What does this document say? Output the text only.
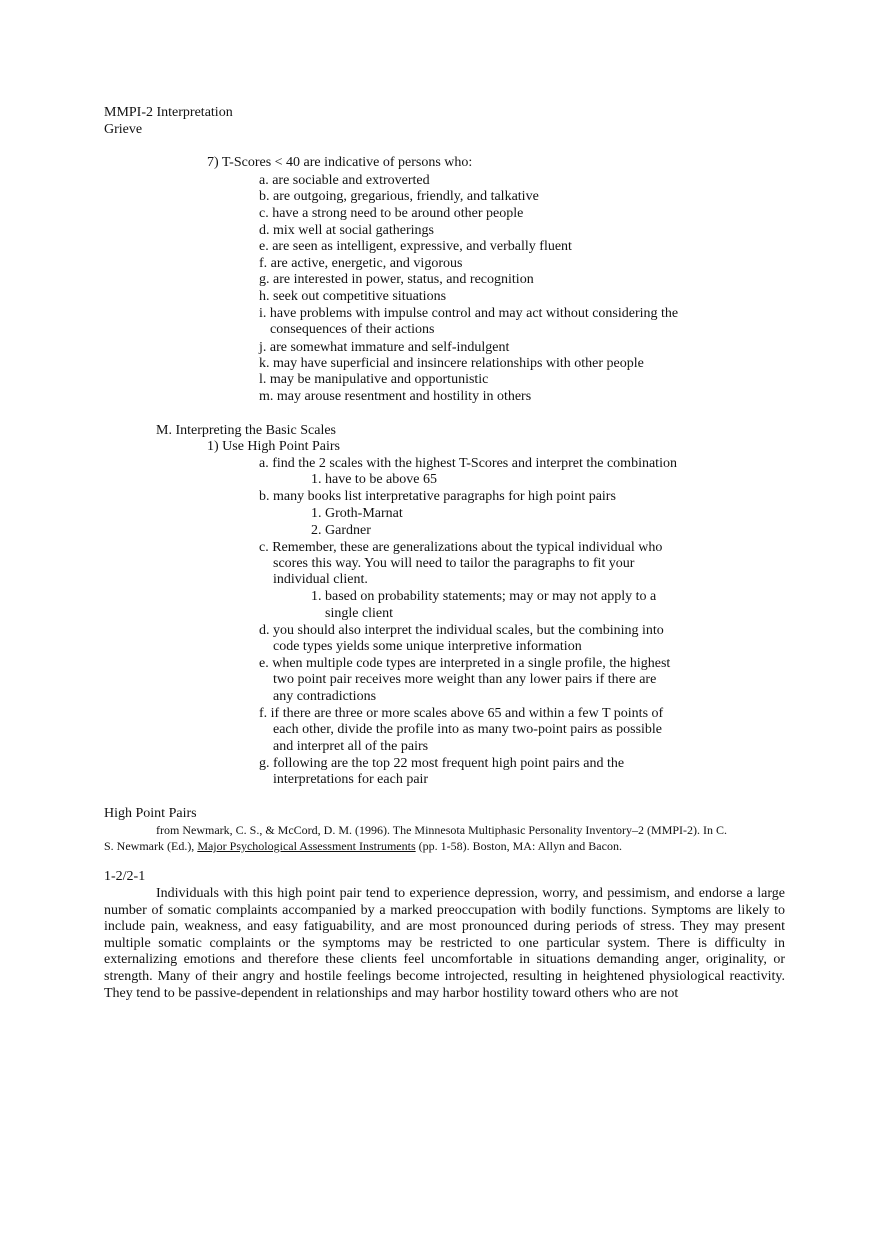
MMPI-2 Interpretation
Grieve
7) T-Scores < 40 are indicative of persons who:
a. are sociable and extroverted
b. are outgoing, gregarious, friendly, and talkative
c. have a strong need to be around other people
d. mix well at social gatherings
e. are seen as intelligent, expressive, and verbally fluent
f. are active, energetic, and vigorous
g. are interested in power, status, and recognition
h. seek out competitive situations
i. have problems with impulse control and may act without considering the
consequences of their actions
j. are somewhat immature and self-indulgent
k. may have superficial and insincere relationships with other people
l. may be manipulative and opportunistic
m. may arouse resentment and hostility in others
M. Interpreting the Basic Scales
1) Use High Point Pairs
a. find the 2 scales with the highest T-Scores and interpret the combination
1. have to be above 65
b. many books list interpretative paragraphs for high point pairs
1. Groth-Marnat
2. Gardner
c. Remember, these are generalizations about the typical individual who
scores this way. You will need to tailor the paragraphs to fit your
individual client.
1. based on probability statements; may or may not apply to a
single client
d. you should also interpret the individual scales, but the combining into
code types yields some unique interpretive information
e. when multiple code types are interpreted in a single profile, the highest
two point pair receives more weight than any lower pairs if there are
any contradictions
f. if there are three or more scales above 65 and within a few T points of
each other, divide the profile into as many two-point pairs as possible
and interpret all of the pairs
g. following are the top 22 most frequent high point pairs and the
interpretations for each pair
High Point Pairs
from Newmark, C. S., & McCord, D. M. (1996). The Minnesota Multiphasic Personality Inventory–2 (MMPI-2). In C.
S. Newmark (Ed.), Major Psychological Assessment Instruments (pp. 1-58). Boston, MA: Allyn and Bacon.
1-2/2-1
Individuals with this high point pair tend to experience depression, worry, and pessimism, and endorse a large number of somatic complaints accompanied by a marked preoccupation with bodily functions. Symptoms are likely to include pain, weakness, and easy fatiguability, and are most pronounced during periods of stress. They may present multiple somatic complaints or the symptoms may be restricted to one particular system. There is difficulty in externalizing emotions and therefore these clients feel uncomfortable in situations demanding anger, originality, or strength. Many of their angry and hostile feelings become introjected, resulting in heightened physiological reactivity. They tend to be passive-dependent in relationships and may harbor hostility toward others who are not
